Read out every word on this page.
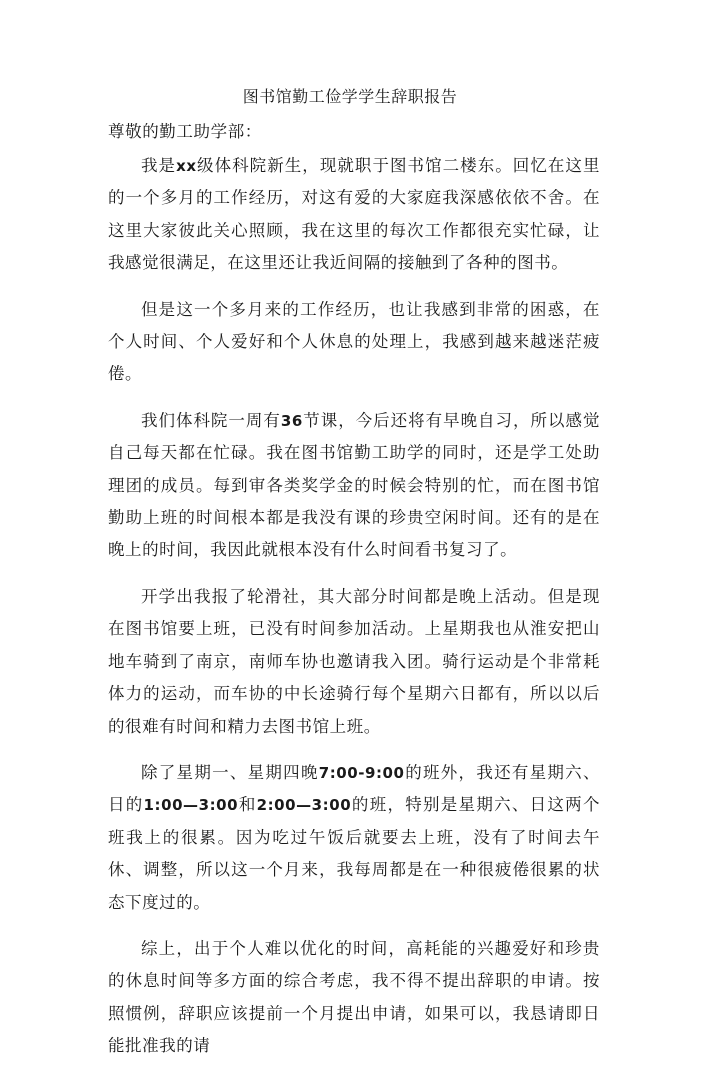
图书馆勤工俭学学生辞职报告
尊敬的勤工助学部：

我是xx级体科院新生，现就职于图书馆二楼东。回忆在这里的一个多月的工作经历，对这有爱的大家庭我深感依依不舍。在这里大家彼此关心照顾，我在这里的每次工作都很充实忙碌，让我感觉很满足，在这里还让我近间隔的接触到了各种的图书。

但是这一个多月来的工作经历，也让我感到非常的困惑，在个人时间、个人爱好和个人休息的处理上，我感到越来越迷茫疲倦。

我们体科院一周有36节课，今后还将有早晚自习，所以感觉自己每天都在忙碌。我在图书馆勤工助学的同时，还是学工处助理团的成员。每到审各类奖学金的时候会特别的忙，而在图书馆勤助上班的时间根本都是我没有课的珍贵空闲时间。还有的是在晚上的时间，我因此就根本没有什么时间看书复习了。

开学出我报了轮滑社，其大部分时间都是晚上活动。但是现在图书馆要上班，已没有时间参加活动。上星期我也从淮安把山地车骑到了南京，南师车协也邀请我入团。骑行运动是个非常耗体力的运动，而车协的中长途骑行每个星期六日都有，所以以后的很难有时间和精力去图书馆上班。

除了星期一、星期四晚7:00-9:00的班外，我还有星期六、日的1:00—3:00和2:00—3:00的班，特别是星期六、日这两个班我上的很累。因为吃过午饭后就要去上班，没有了时间去午休、调整，所以这一个月来，我每周都是在一种很疲倦很累的状态下度过的。

综上，出于个人难以优化的时间，高耗能的兴趣爱好和珍贵的休息时间等多方面的综合考虑，我不得不提出辞职的申请。按照惯例，辞职应该提前一个月提出申请，如果可以，我恳请即日能批准我的请
